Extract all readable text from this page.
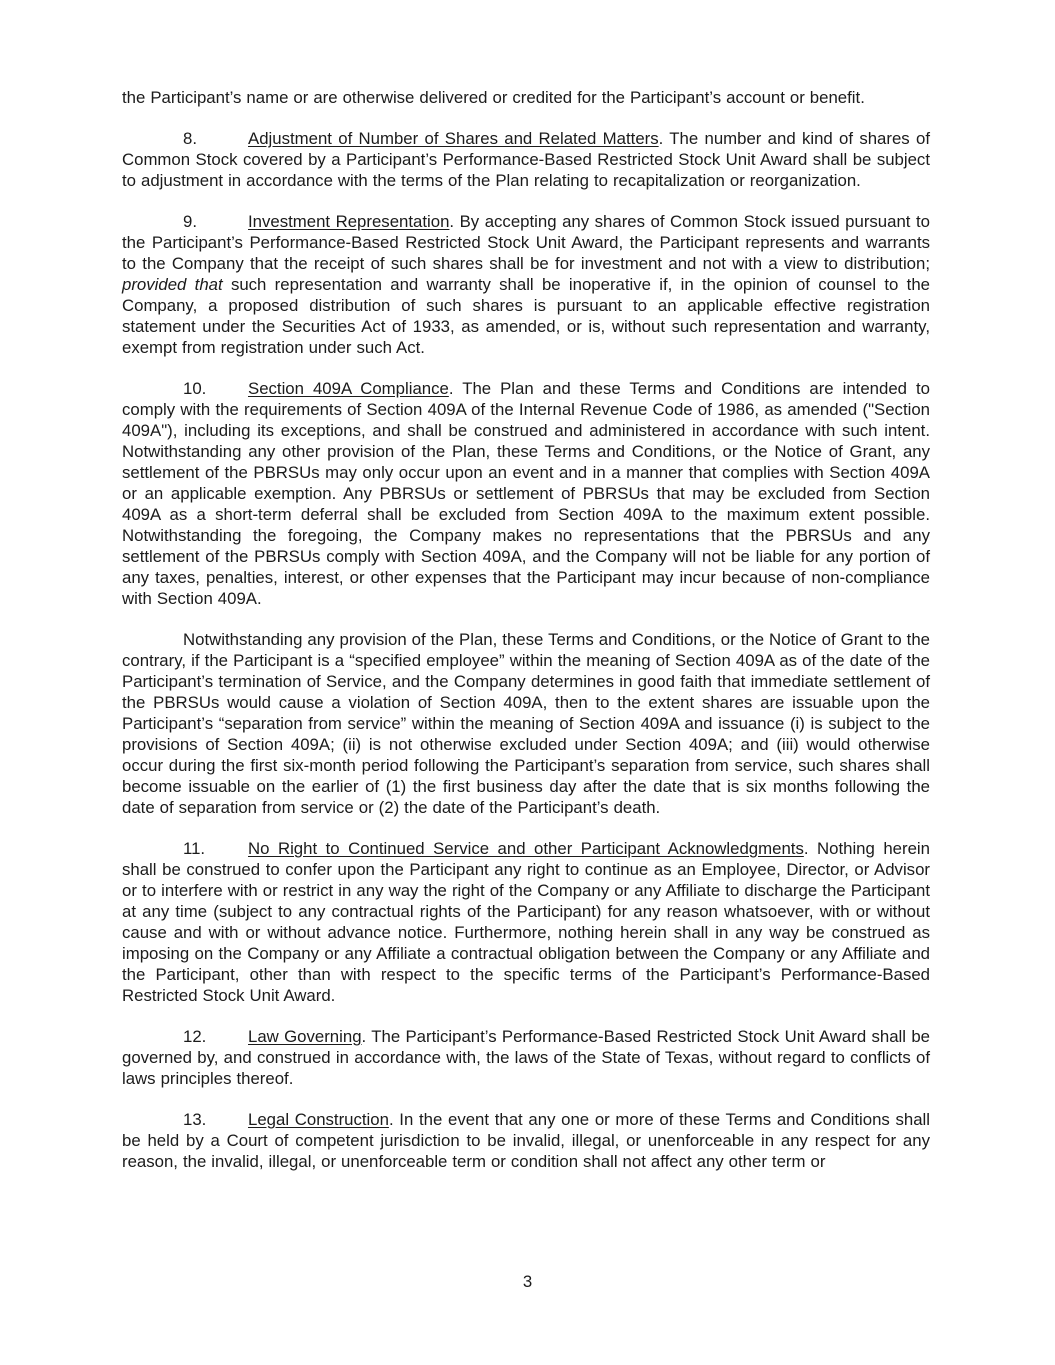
the Participant’s name or are otherwise delivered or credited for the Participant’s account or benefit.

8.	Adjustment of Number of Shares and Related Matters. The number and kind of shares of Common Stock covered by a Participant’s Performance-Based Restricted Stock Unit Award shall be subject to adjustment in accordance with the terms of the Plan relating to recapitalization or reorganization.

9.	Investment Representation. By accepting any shares of Common Stock issued pursuant to the Participant’s Performance-Based Restricted Stock Unit Award, the Participant represents and warrants to the Company that the receipt of such shares shall be for investment and not with a view to distribution; provided that such representation and warranty shall be inoperative if, in the opinion of counsel to the Company, a proposed distribution of such shares is pursuant to an applicable effective registration statement under the Securities Act of 1933, as amended, or is, without such representation and warranty, exempt from registration under such Act.

10. Section 409A Compliance. The Plan and these Terms and Conditions are intended to comply with the requirements of Section 409A of the Internal Revenue Code of 1986, as amended ("Section 409A"), including its exceptions, and shall be construed and administered in accordance with such intent. Notwithstanding any other provision of the Plan, these Terms and Conditions, or the Notice of Grant, any settlement of the PBRSUs may only occur upon an event and in a manner that complies with Section 409A or an applicable exemption. Any PBRSUs or settlement of PBRSUs that may be excluded from Section 409A as a short-term deferral shall be excluded from Section 409A to the maximum extent possible. Notwithstanding the foregoing, the Company makes no representations that the PBRSUs and any settlement of the PBRSUs comply with Section 409A, and the Company will not be liable for any portion of any taxes, penalties, interest, or other expenses that the Participant may incur because of non-compliance with Section 409A.

Notwithstanding any provision of the Plan, these Terms and Conditions, or the Notice of Grant to the contrary, if the Participant is a “specified employee” within the meaning of Section 409A as of the date of the Participant’s termination of Service, and the Company determines in good faith that immediate settlement of the PBRSUs would cause a violation of Section 409A, then to the extent shares are issuable upon the Participant’s “separation from service” within the meaning of Section 409A and issuance (i) is subject to the provisions of Section 409A; (ii) is not otherwise excluded under Section 409A; and (iii) would otherwise occur during the first six-month period following the Participant’s separation from service, such shares shall become issuable on the earlier of (1) the first business day after the date that is six months following the date of separation from service or (2) the date of the Participant’s death.

11.	No Right to Continued Service and other Participant Acknowledgments. Nothing herein shall be construed to confer upon the Participant any right to continue as an Employee, Director, or Advisor or to interfere with or restrict in any way the right of the Company or any Affiliate to discharge the Participant at any time (subject to any contractual rights of the Participant) for any reason whatsoever, with or without cause and with or without advance notice. Furthermore, nothing herein shall in any way be construed as imposing on the Company or any Affiliate a contractual obligation between the Company or any Affiliate and the Participant, other than with respect to the specific terms of the Participant’s Performance-Based Restricted Stock Unit Award.

12. Law Governing. The Participant’s Performance-Based Restricted Stock Unit Award shall be governed by, and construed in accordance with, the laws of the State of Texas, without regard to conflicts of laws principles thereof.

13. Legal Construction. In the event that any one or more of these Terms and Conditions shall be held by a Court of competent jurisdiction to be invalid, illegal, or unenforceable in any respect for any reason, the invalid, illegal, or unenforceable term or condition shall not affect any other term or

3
